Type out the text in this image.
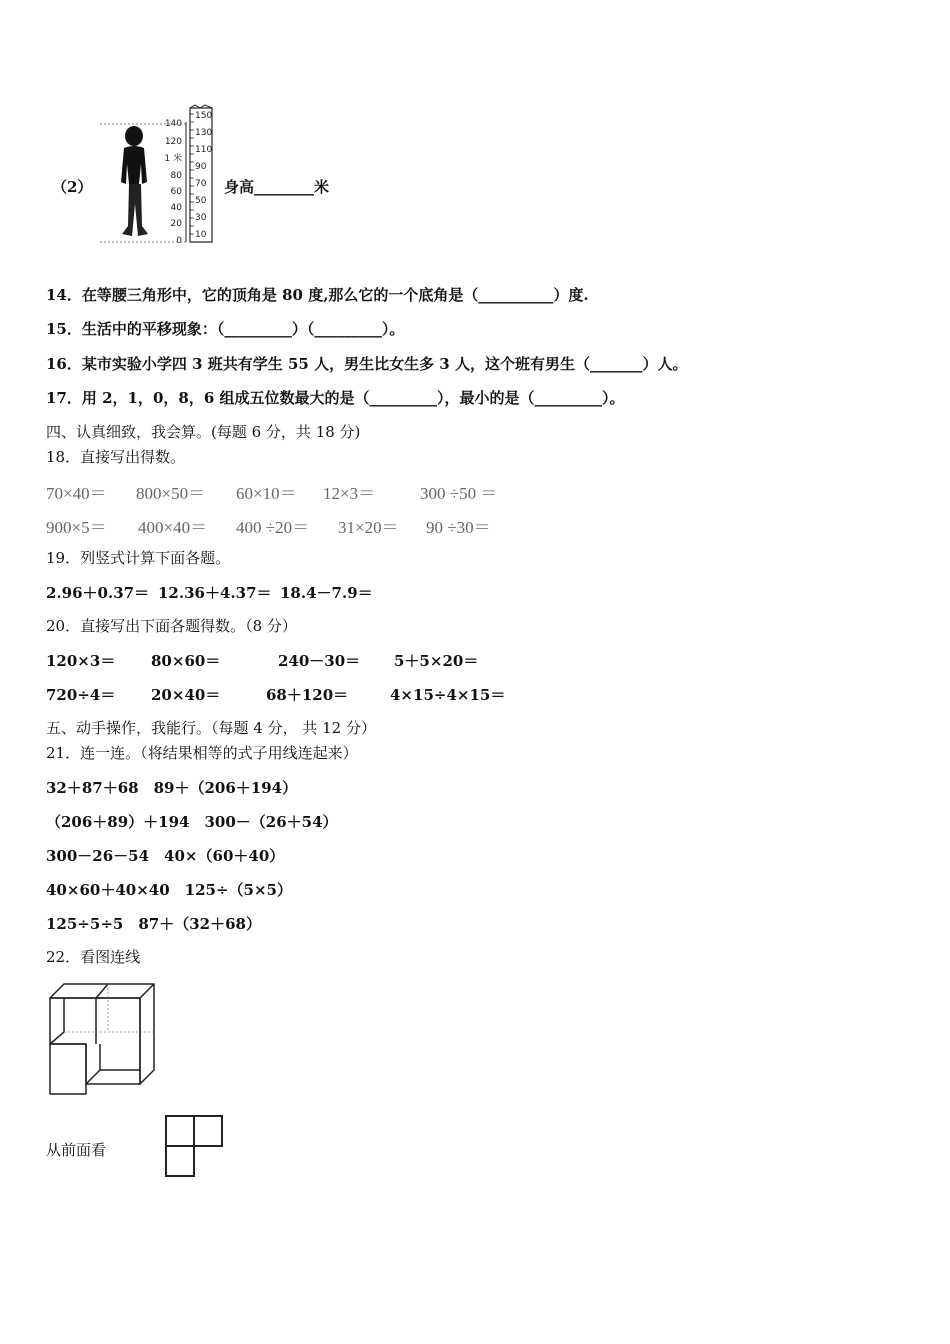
（2）
150
130
110
90
70
50
30
10
140
120
1 米
80
60
40
20
0
身高________米
14．在等腰三角形中，它的顶角是 80 度,那么它的一个底角是（__________）度.
15．生活中的平移现象：（_________）（_________）。
16．某市实验小学四 3 班共有学生 55 人，男生比女生多 3 人，这个班有男生（_______）人。
17．用 2，1，0，8，6 组成五位数最大的是（_________），最小的是（_________）。
四、认真细致，我会算。(每题 6 分，共 18 分)
18．直接写出得数。
70×40＝ 800×50＝ 60×10＝ 12×3＝	300 ÷50 ＝
900×5＝ 400×40＝ 400 ÷20＝ 31×20＝ 90 ÷30＝
19．列竖式计算下面各题。
2.96＋0.37＝ 12.36＋4.37＝ 18.4－7.9＝
20．直接写出下面各题得数。（8 分）
120×3＝ 80×60＝	240－30＝ 5＋5×20＝
720÷4＝ 20×40＝	68＋120＝	4×15÷4×15＝
五、动手操作，我能行。（每题 4 分， 共 12 分）
21．连一连。（将结果相等的式子用线连起来）
32＋87＋68　89＋（206＋194）
（206＋89）＋194　300－（26＋54）
300－26－54　40×（60＋40）
40×60＋40×40　125÷（5×5）
125÷5÷5　87＋（32＋68）
22．看图连线
从前面看
